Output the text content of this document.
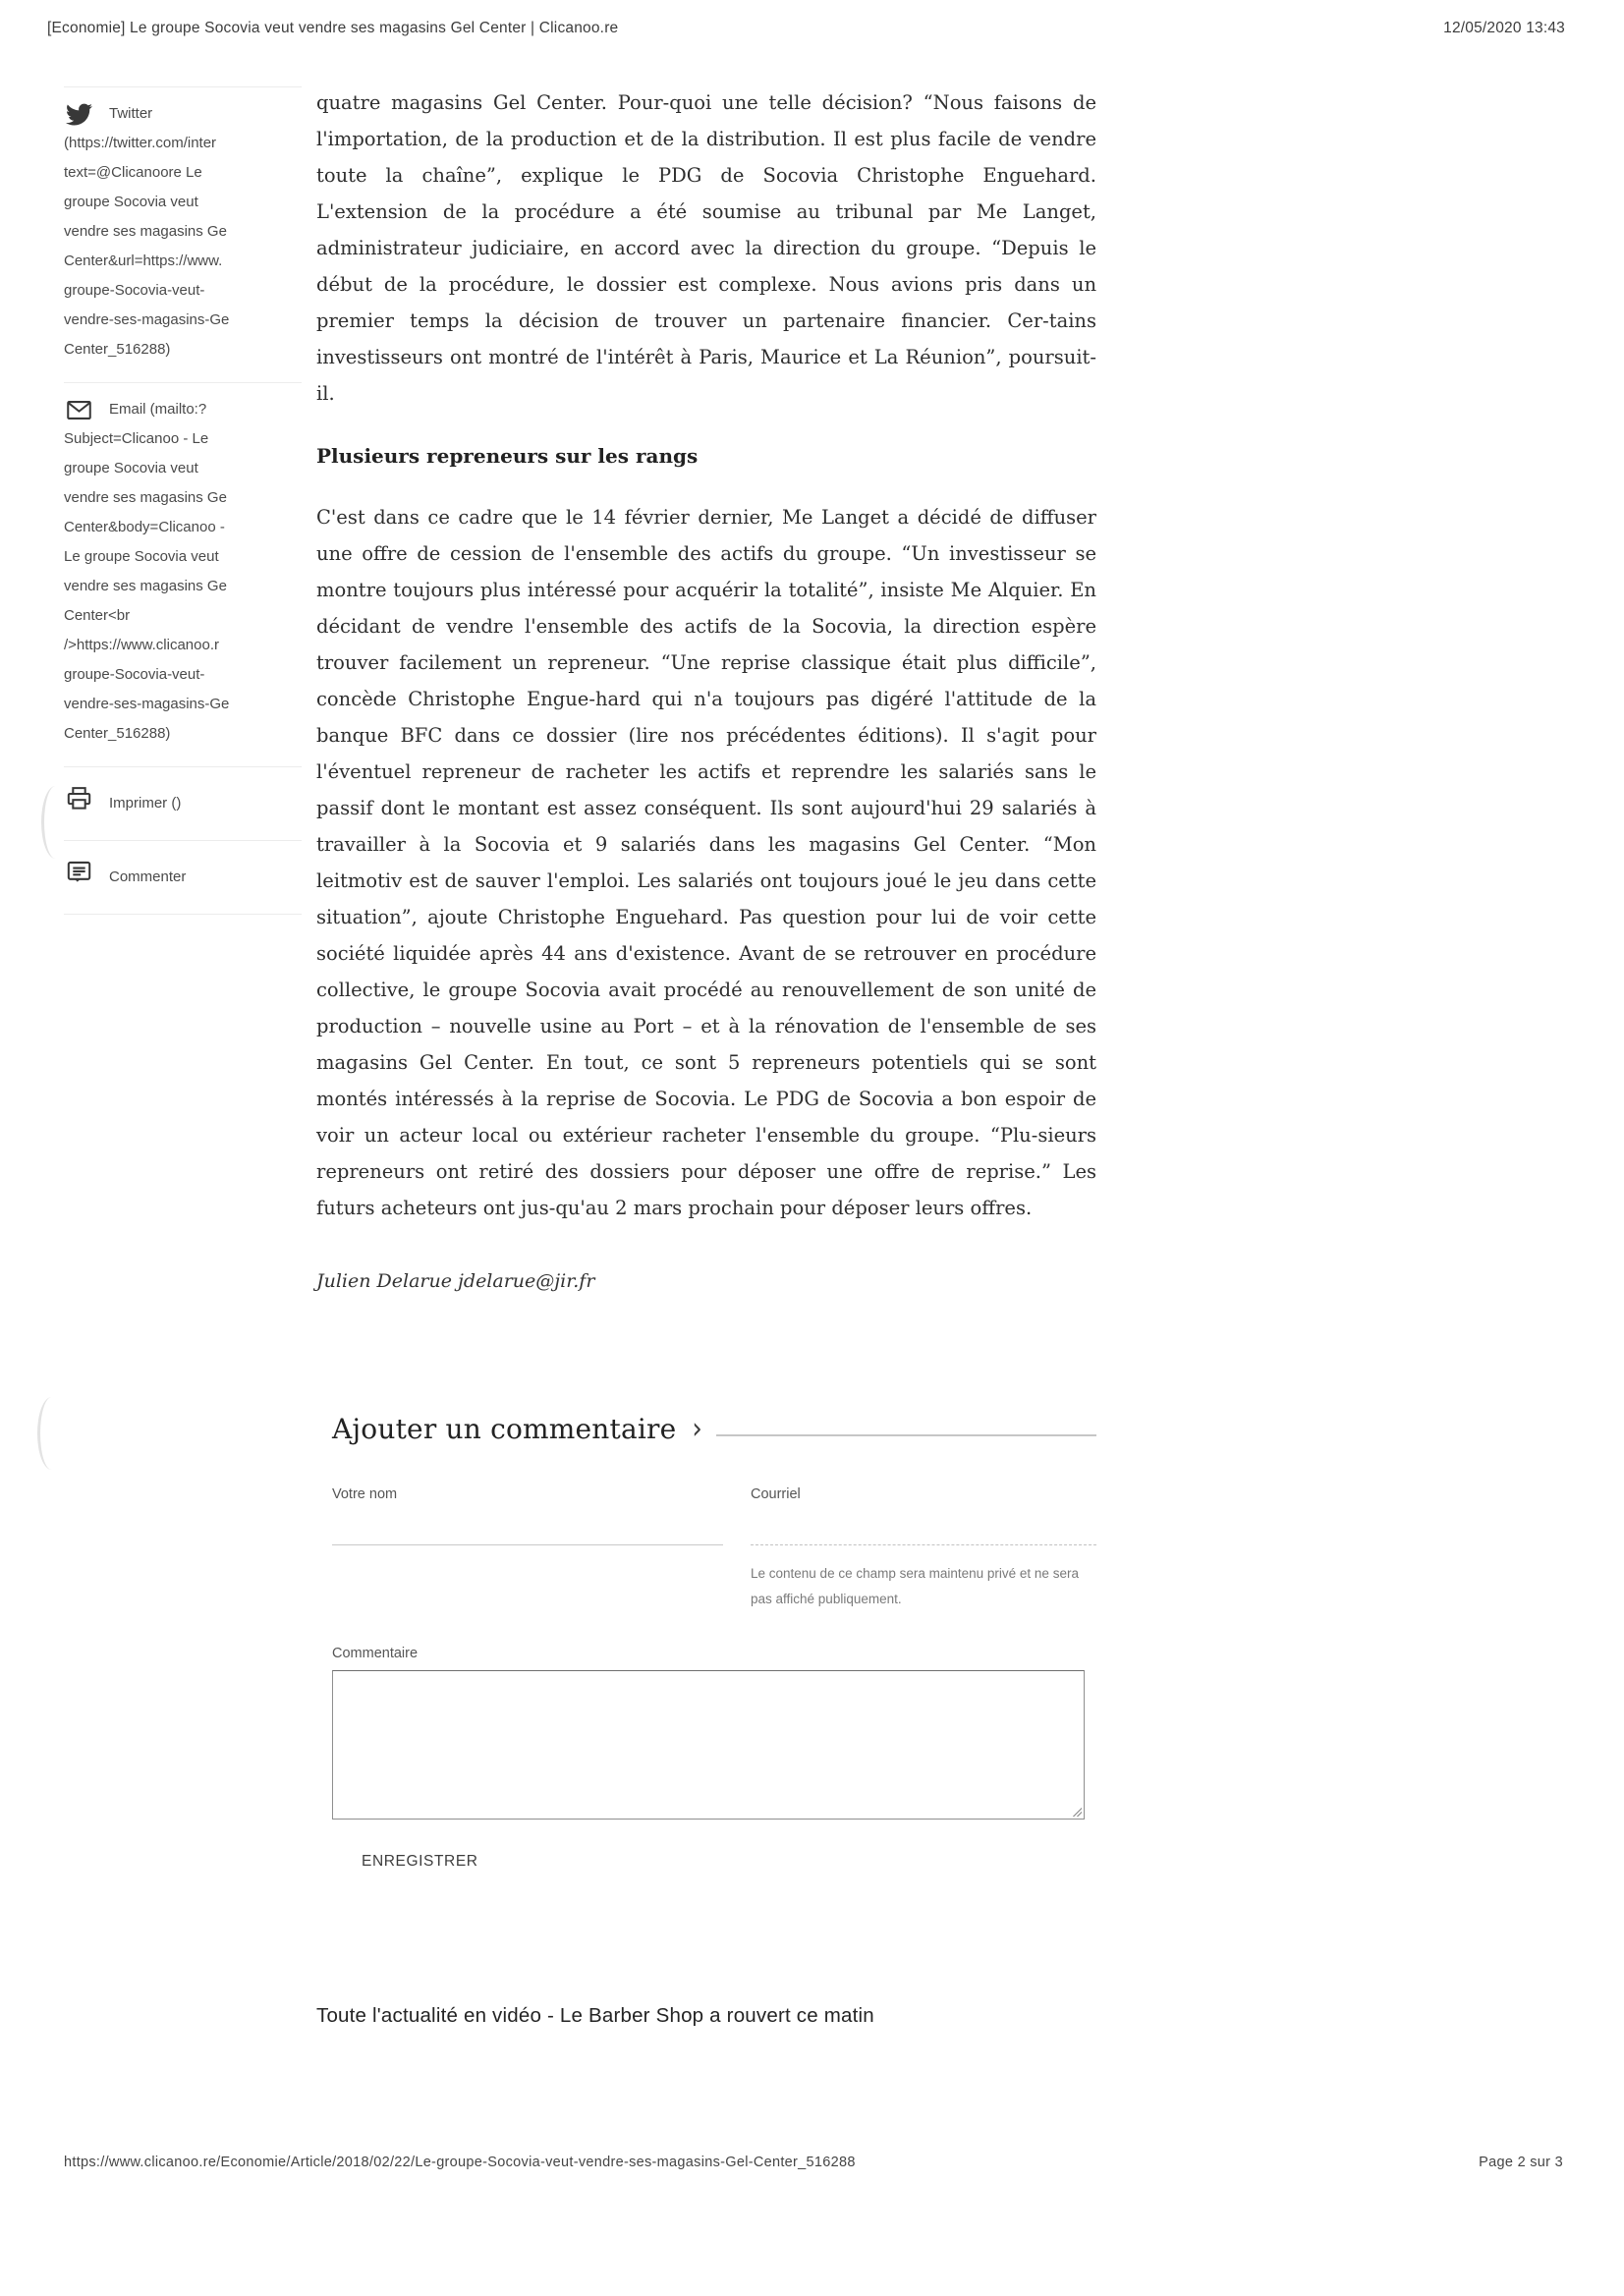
[Economie] Le groupe Socovia veut vendre ses magasins Gel Center | Clicanoo.re	12/05/2020 13:43
Twitter
(https://twitter.com/inter
text=@Clicanoore Le
groupe Socovia veut
vendre ses magasins Ge
Center&url=https://www.
groupe-Socovia-veut-
vendre-ses-magasins-Ge
Center_516288)
Email (mailto:?
Subject=Clicanoo - Le
groupe Socovia veut
vendre ses magasins Ge
Center&body=Clicanoo -
Le groupe Socovia veut
vendre ses magasins Ge
Center<br
/>https://www.clicanoo.r
groupe-Socovia-veut-
vendre-ses-magasins-Ge
Center_516288)
Imprimer ()
Commenter

quatre magasins Gel Center. Pour-quoi une telle décision? “Nous faisons de l'importation, de la production et de la distribution. Il est plus facile de vendre toute la chaîne”, explique le PDG de Socovia Christophe Enguehard. L'extension de la procédure a été soumise au tribunal par Me Langet, administrateur judiciaire, en accord avec la direction du groupe. “Depuis le début de la procédure, le dossier est complexe. Nous avions pris dans un premier temps la décision de trouver un partenaire financier. Cer-tains investisseurs ont montré de l'intérêt à Paris, Maurice et La Réunion”, poursuit-il.

Plusieurs repreneurs sur les rangs

C'est dans ce cadre que le 14 février dernier, Me Langet a décidé de diffuser une offre de cession de l'ensemble des actifs du groupe. “Un investisseur se montre toujours plus intéressé pour acquérir la totalité”, insiste Me Alquier. En décidant de vendre l'ensemble des actifs de la Socovia, la direction espère trouver facilement un repreneur. “Une reprise classique était plus difficile”, concède Christophe Engue-hard qui n'a toujours pas digéré l'attitude de la banque BFC dans ce dossier (lire nos précédentes éditions). Il s'agit pour l'éventuel repreneur de racheter les actifs et reprendre les salariés sans le passif dont le montant est assez conséquent. Ils sont aujourd'hui 29 salariés à travailler à la Socovia et 9 salariés dans les magasins Gel Center. “Mon leitmotiv est de sauver l'emploi. Les salariés ont toujours joué le jeu dans cette situation”, ajoute Christophe Enguehard. Pas question pour lui de voir cette société liquidée après 44 ans d'existence. Avant de se retrouver en procédure collective, le groupe Socovia avait procédé au renouvellement de son unité de production – nouvelle usine au Port – et à la rénovation de l'ensemble de ses magasins Gel Center. En tout, ce sont 5 repreneurs potentiels qui se sont montés intéressés à la reprise de Socovia. Le PDG de Socovia a bon espoir de voir un acteur local ou extérieur racheter l'ensemble du groupe. “Plu-sieurs repreneurs ont retiré des dossiers pour déposer une offre de reprise.” Les futurs acheteurs ont jus-qu'au 2 mars prochain pour déposer leurs offres.

Julien Delarue jdelarue@jir.fr
Ajouter un commentaire ›
Votre nom	Courriel
Le contenu de ce champ sera maintenu privé et ne sera pas affiché publiquement.
Commentaire
ENREGISTRER
Toute l'actualité en vidéo - Le Barber Shop a rouvert ce matin
https://www.clicanoo.re/Economie/Article/2018/02/22/Le-groupe-Socovia-veut-vendre-ses-magasins-Gel-Center_516288	Page 2 sur 3
